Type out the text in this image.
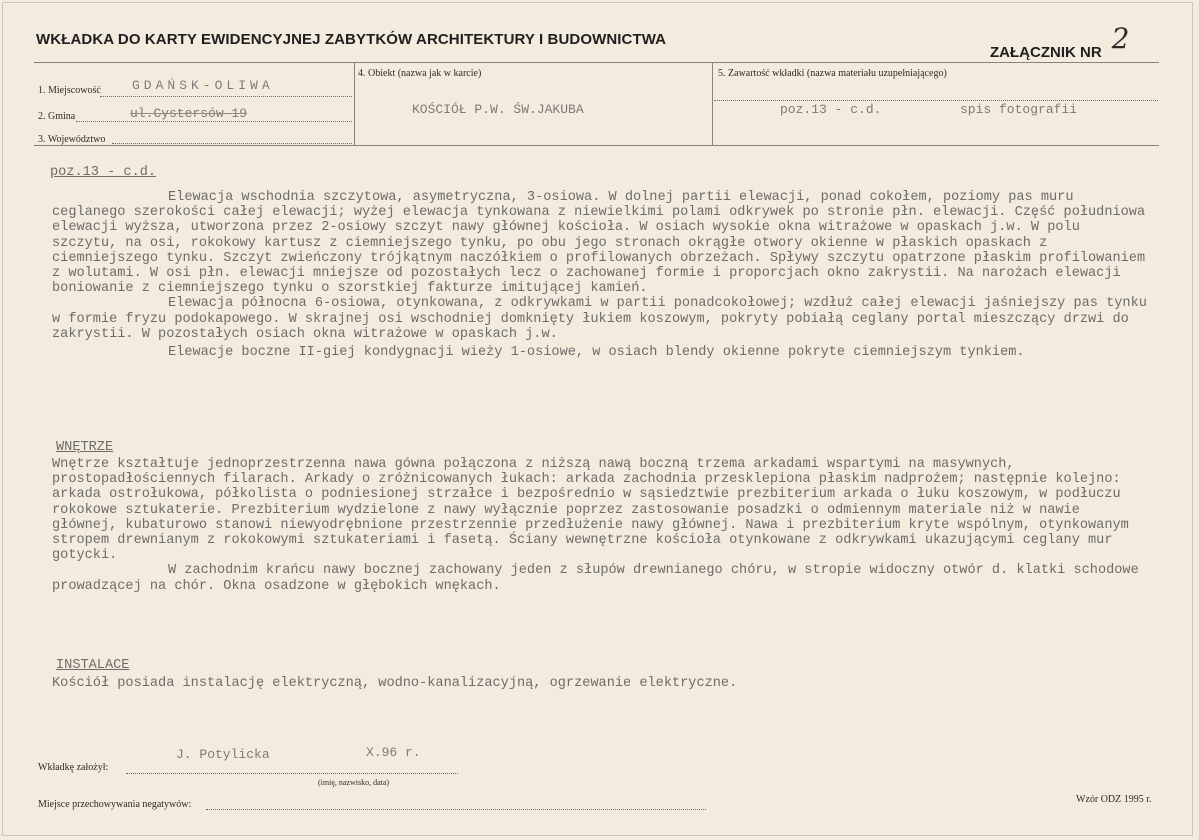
WKŁADKA DO KARTY EWIDENCYJNEJ ZABYTKÓW ARCHITEKTURY I BUDOWNICTWA
ZAŁĄCZNIK NR 2
1. Miejscowość GDAŃSK-OLIWA
2. Gmina	ul.Cystersów 19
3. Województwo
4. Obiekt (nazwa jak w karcie)
KOŚCIÓŁ P.W. ŚW.JAKUBA
5. Zawartość wkładki (nazwa materiału uzupełniającego)
poz.13 - c.d.	spis fotografii
poz.13 - c.d.

Elewacja wschodnia szczytowa, asymetryczna, 3-osiowa. W dolnej partii elewacji, ponad cokołem, poziomy pas muru ceglanego szerokości całej elewacji; wyżej elewacja tynkowana z niewielkimi polami odkrywek po stronie płn. elewacji. Część południowa elewacji wyższa, utworzona przez 2-osiowy szczyt nawy głównej kościoła. W osiach wysokie okna witrażowe w opaskach j.w. W polu szczytu, na osi, rokokowy kartusz z ciemniejszego tynku, po obu jego stronach okrągłe otwory okienne w płaskich opaskach z ciemniejszego tynku. Szczyt zwieńczony trójkątnym naczółkiem o profilowanych obrzeżach. Spływy szczytu opatrzone płaskim profilowaniem z wolutami. W osi płn. elewacji mniejsze od pozostałych lecz o zachowanej formie i proporcjach okno zakrystii. Na narożach elewacji boniowanie z ciemniejszego tynku o szorstkiej fakturze imitującej kamień.

Elewacja północna 6-osiowa, otynkowana, z odkrywkami w partii ponadcokołowej; wzdłuż całej elewacji jaśniejszy pas tynku w formie fryzu podokapowego. W skrajnej osi wschodniej domknięty łukiem koszowym, pokryty pobiałą ceglany portal mieszczący drzwi do zakrystii. W pozostałych osiach okna witrażowe w opaskach j.w.

Elewacje boczne II-giej kondygnacji wieży 1-osiowe, w osiach blendy okienne pokryte ciemniejszym tynkiem.

WNĘTRZE

Wnętrze kształtuje jednoprzestrzenna nawa gówna połączona z niższą nawą boczną trzema arkadami wspartymi na masywnych, prostopadłościennych filarach. Arkady o zróżnicowanych łukach: arkada zachodnia przesklepiona płaskim nadprożem; następnie kolejno: arkada ostrołukowa, półkolista o podniesionej strzałce i bezpośrednio w sąsiedztwie prezbiterium arkada o łuku koszowym, w podłuczu rokokowe sztukaterie. Prezbiterium wydzielone z nawy wyłącznie poprzez zastosowanie posadzki o odmiennym materiale niż w nawie głównej, kubaturowo stanowi niewyodrębnione przestrzennie przedłużenie nawy głównej. Nawa i prezbiterium kryte wspólnym, otynkowanym stropem drewnianym z rokokowymi sztukateriami i fasetą. Ściany wewnętrzne kościoła otynkowane z odkrywkami ukazującymi ceglany mur gotycki.

W zachodnim krańcu nawy bocznej zachowany jeden z słupów drewnianego chóru, w stropie widoczny otwór d. klatki schodowe prowadzącej na chór. Okna osadzone w głębokich wnękach.

INSTALACE

Kościół posiada instalację elektryczną, wodno-kanalizacyjną, ogrzewanie elektryczne.

Wkładkę założył:
J. Potylicka	X.96 r.
(imię, nazwisko, data)
Miejsce przechowywania negatywów:	Wzór ODZ 1995 r.
